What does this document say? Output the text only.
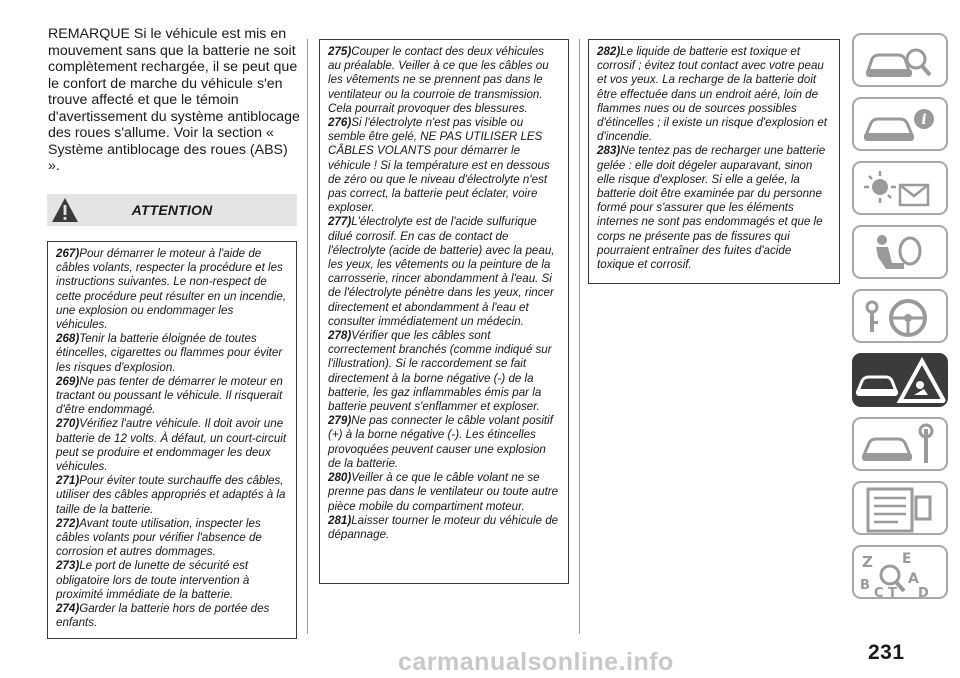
REMARQUE Si le véhicule est mis en mouvement sans que la batterie ne soit complètement rechargée, il se peut que le confort de marche du véhicule s'en trouve affecté et que le témoin d'avertissement du système antiblocage des roues s'allume. Voir la section « Système antiblocage des roues (ABS) ».
ATTENTION

267)Pour démarrer le moteur à l'aide de câbles volants, respecter la procédure et les instructions suivantes. Le non-respect de cette procédure peut résulter en un incendie, une explosion ou endommager les véhicules.

268)Tenir la batterie éloignée de toutes étincelles, cigarettes ou flammes pour éviter les risques d'explosion.

269)Ne pas tenter de démarrer le moteur en tractant ou poussant le véhicule. Il risquerait d'être endommagé.

270)Vérifiez l'autre véhicule. Il doit avoir une batterie de 12 volts. À défaut, un court-circuit peut se produire et endommager les deux véhicules.

271)Pour éviter toute surchauffe des câbles, utiliser des câbles appropriés et adaptés à la taille de la batterie.

272)Avant toute utilisation, inspecter les câbles volants pour vérifier l'absence de corrosion et autres dommages.

273)Le port de lunette de sécurité est obligatoire lors de toute intervention à proximité immédiate de la batterie.

274)Garder la batterie hors de portée des enfants.

275)Couper le contact des deux véhicules au préalable. Veiller à ce que les câbles ou les vêtements ne se prennent pas dans le ventilateur ou la courroie de transmission. Cela pourrait provoquer des blessures.

276)Si l'électrolyte n'est pas visible ou semble être gelé, NE PAS UTILISER LES CÂBLES VOLANTS pour démarrer le véhicule ! Si la température est en dessous de zéro ou que le niveau d'électrolyte n'est pas correct, la batterie peut éclater, voire exploser.

277)L'électrolyte est de l'acide sulfurique dilué corrosif. En cas de contact de l'électrolyte (acide de batterie) avec la peau, les yeux, les vêtements ou la peinture de la carrosserie, rincer abondamment à l'eau. Si de l'électrolyte pénètre dans les yeux, rincer directement et abondamment à l'eau et consulter immédiatement un médecin.

278)Vérifier que les câbles sont correctement branchés (comme indiqué sur l'illustration). Si le raccordement se fait directement à la borne négative (-) de la batterie, les gaz inflammables émis par la batterie peuvent s'enflammer et exploser.

279)Ne pas connecter le câble volant positif (+) à la borne négative (-). Les étincelles provoquées peuvent causer une explosion de la batterie.

280)Veiller à ce que le câble volant ne se prenne pas dans le ventilateur ou toute autre pièce mobile du compartiment moteur.

281)Laisser tourner le moteur du véhicule de dépannage.

282)Le liquide de batterie est toxique et corrosif ; évitez tout contact avec votre peau et vos yeux. La recharge de la batterie doit être effectuée dans un endroit aéré, loin de flammes nues ou de sources possibles d'étincelles ; il existe un risque d'explosion et d'incendie.

283)Ne tentez pas de recharger une batterie gelée : elle doit dégeler auparavant, sinon elle risque d'exploser. Si elle a gelée, la batterie doit être examinée par du personne formé pour s'assurer que les éléments internes ne sont pas endommagés et que le corps ne présente pas de fissures qui pourraient entraîner des fuites d'acide toxique et corrosif.

i
Z E
B
C T
A
D
carmanualsonline.info	231
